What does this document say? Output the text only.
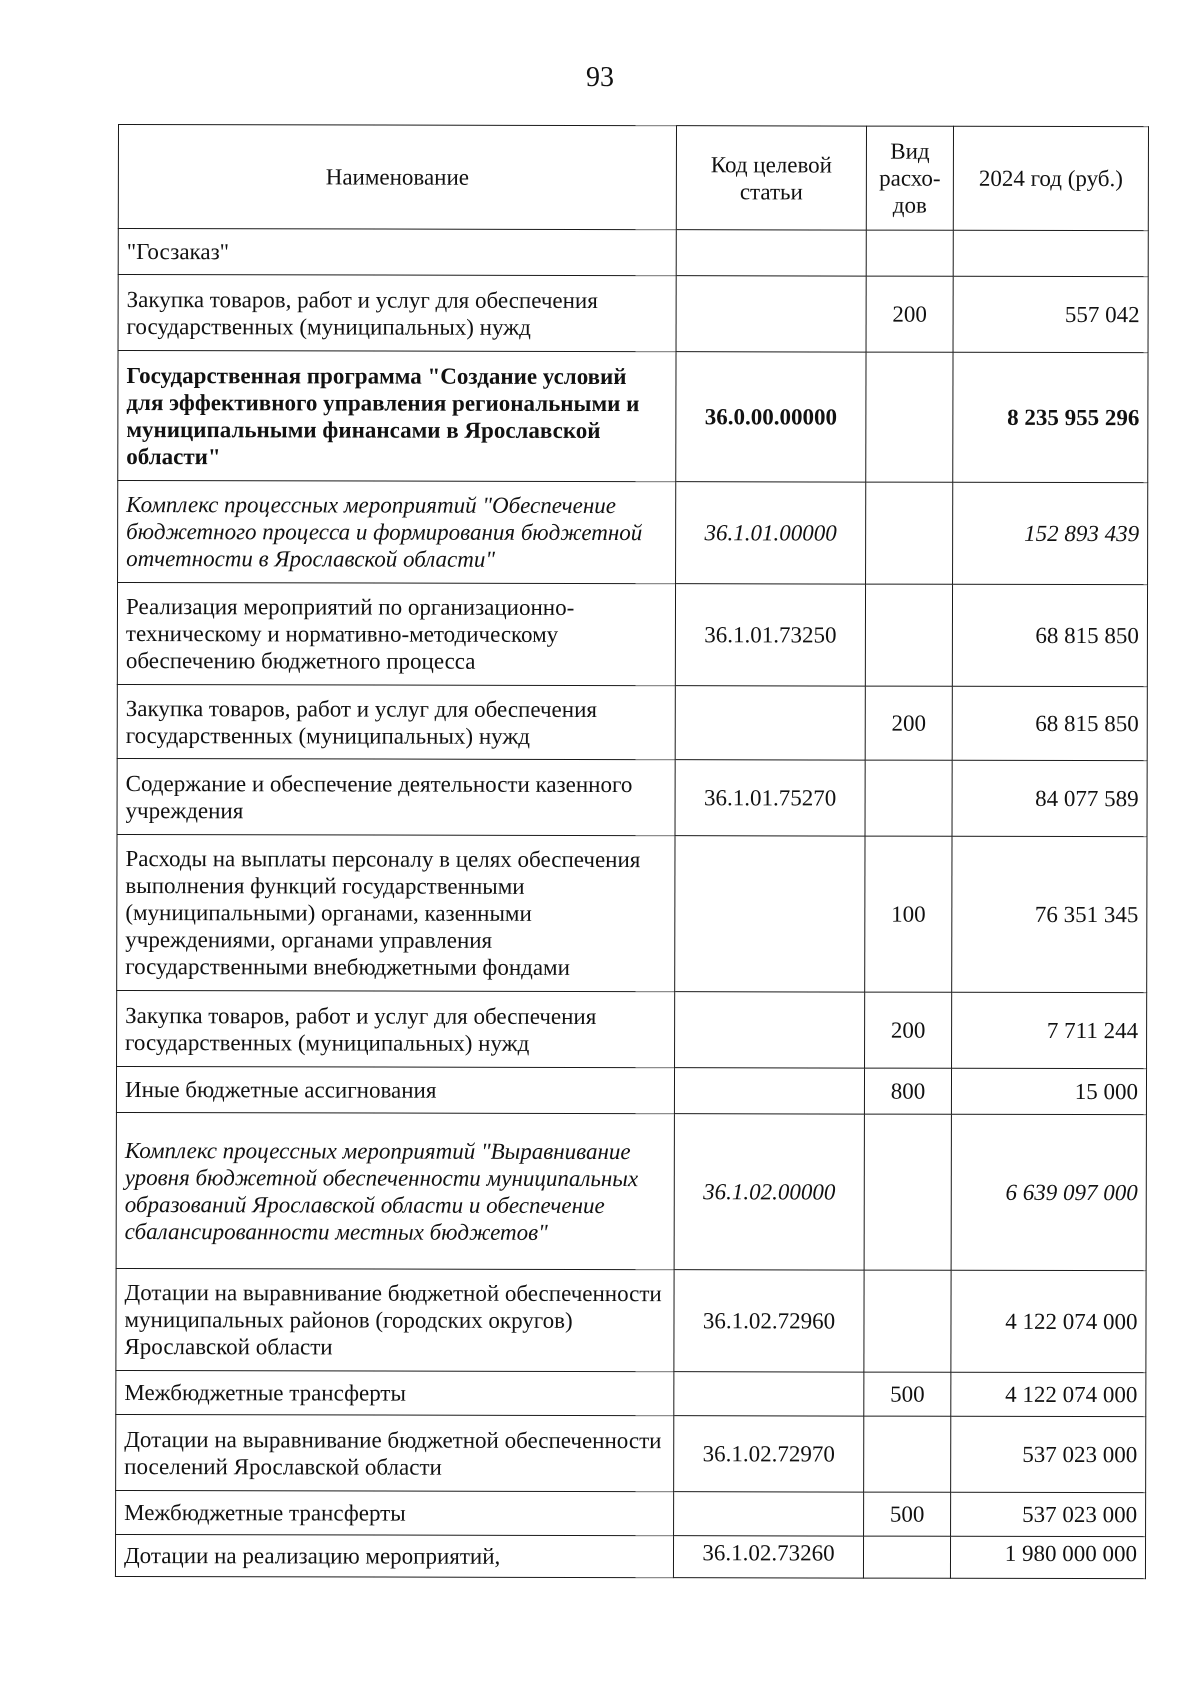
93
Наименование	Код целевой статьи	Вид расхо-дов	2024 год (руб.)
"Госзаказ"			
Закупка товаров, работ и услуг для обеспечения государственных (муниципальных) нужд		200	557 042
Государственная программа "Создание условий для эффективного управления региональными и муниципальными финансами в Ярославской области"	36.0.00.00000		8 235 955 296
Комплекс процессных мероприятий "Обеспечение бюджетного процесса и формирования бюджетной отчетности в Ярославской области"	36.1.01.00000		152 893 439
Реализация мероприятий по организационно-техническому и нормативно-методическому обеспечению бюджетного процесса	36.1.01.73250		68 815 850
Закупка товаров, работ и услуг для обеспечения государственных (муниципальных) нужд		200	68 815 850
Содержание и обеспечение деятельности казенного учреждения	36.1.01.75270		84 077 589
Расходы на выплаты персоналу в целях обеспечения выполнения функций государственными (муниципальными) органами, казенными учреждениями, органами управления государственными внебюджетными фондами		100	76 351 345
Закупка товаров, работ и услуг для обеспечения государственных (муниципальных) нужд		200	7 711 244
Иные бюджетные ассигнования		800	15 000
Комплекс процессных мероприятий "Выравнивание уровня бюджетной обеспеченности муниципальных образований Ярославской области и обеспечение сбалансированности местных бюджетов"	36.1.02.00000		6 639 097 000
Дотации на выравнивание бюджетной обеспеченности муниципальных районов (городских округов) Ярославской области	36.1.02.72960		4 122 074 000
Межбюджетные трансферты		500	4 122 074 000
Дотации на выравнивание бюджетной обеспеченности поселений Ярославской области	36.1.02.72970		537 023 000
Межбюджетные трансферты		500	537 023 000
Дотации на реализацию мероприятий,	36.1.02.73260		1 980 000 000
